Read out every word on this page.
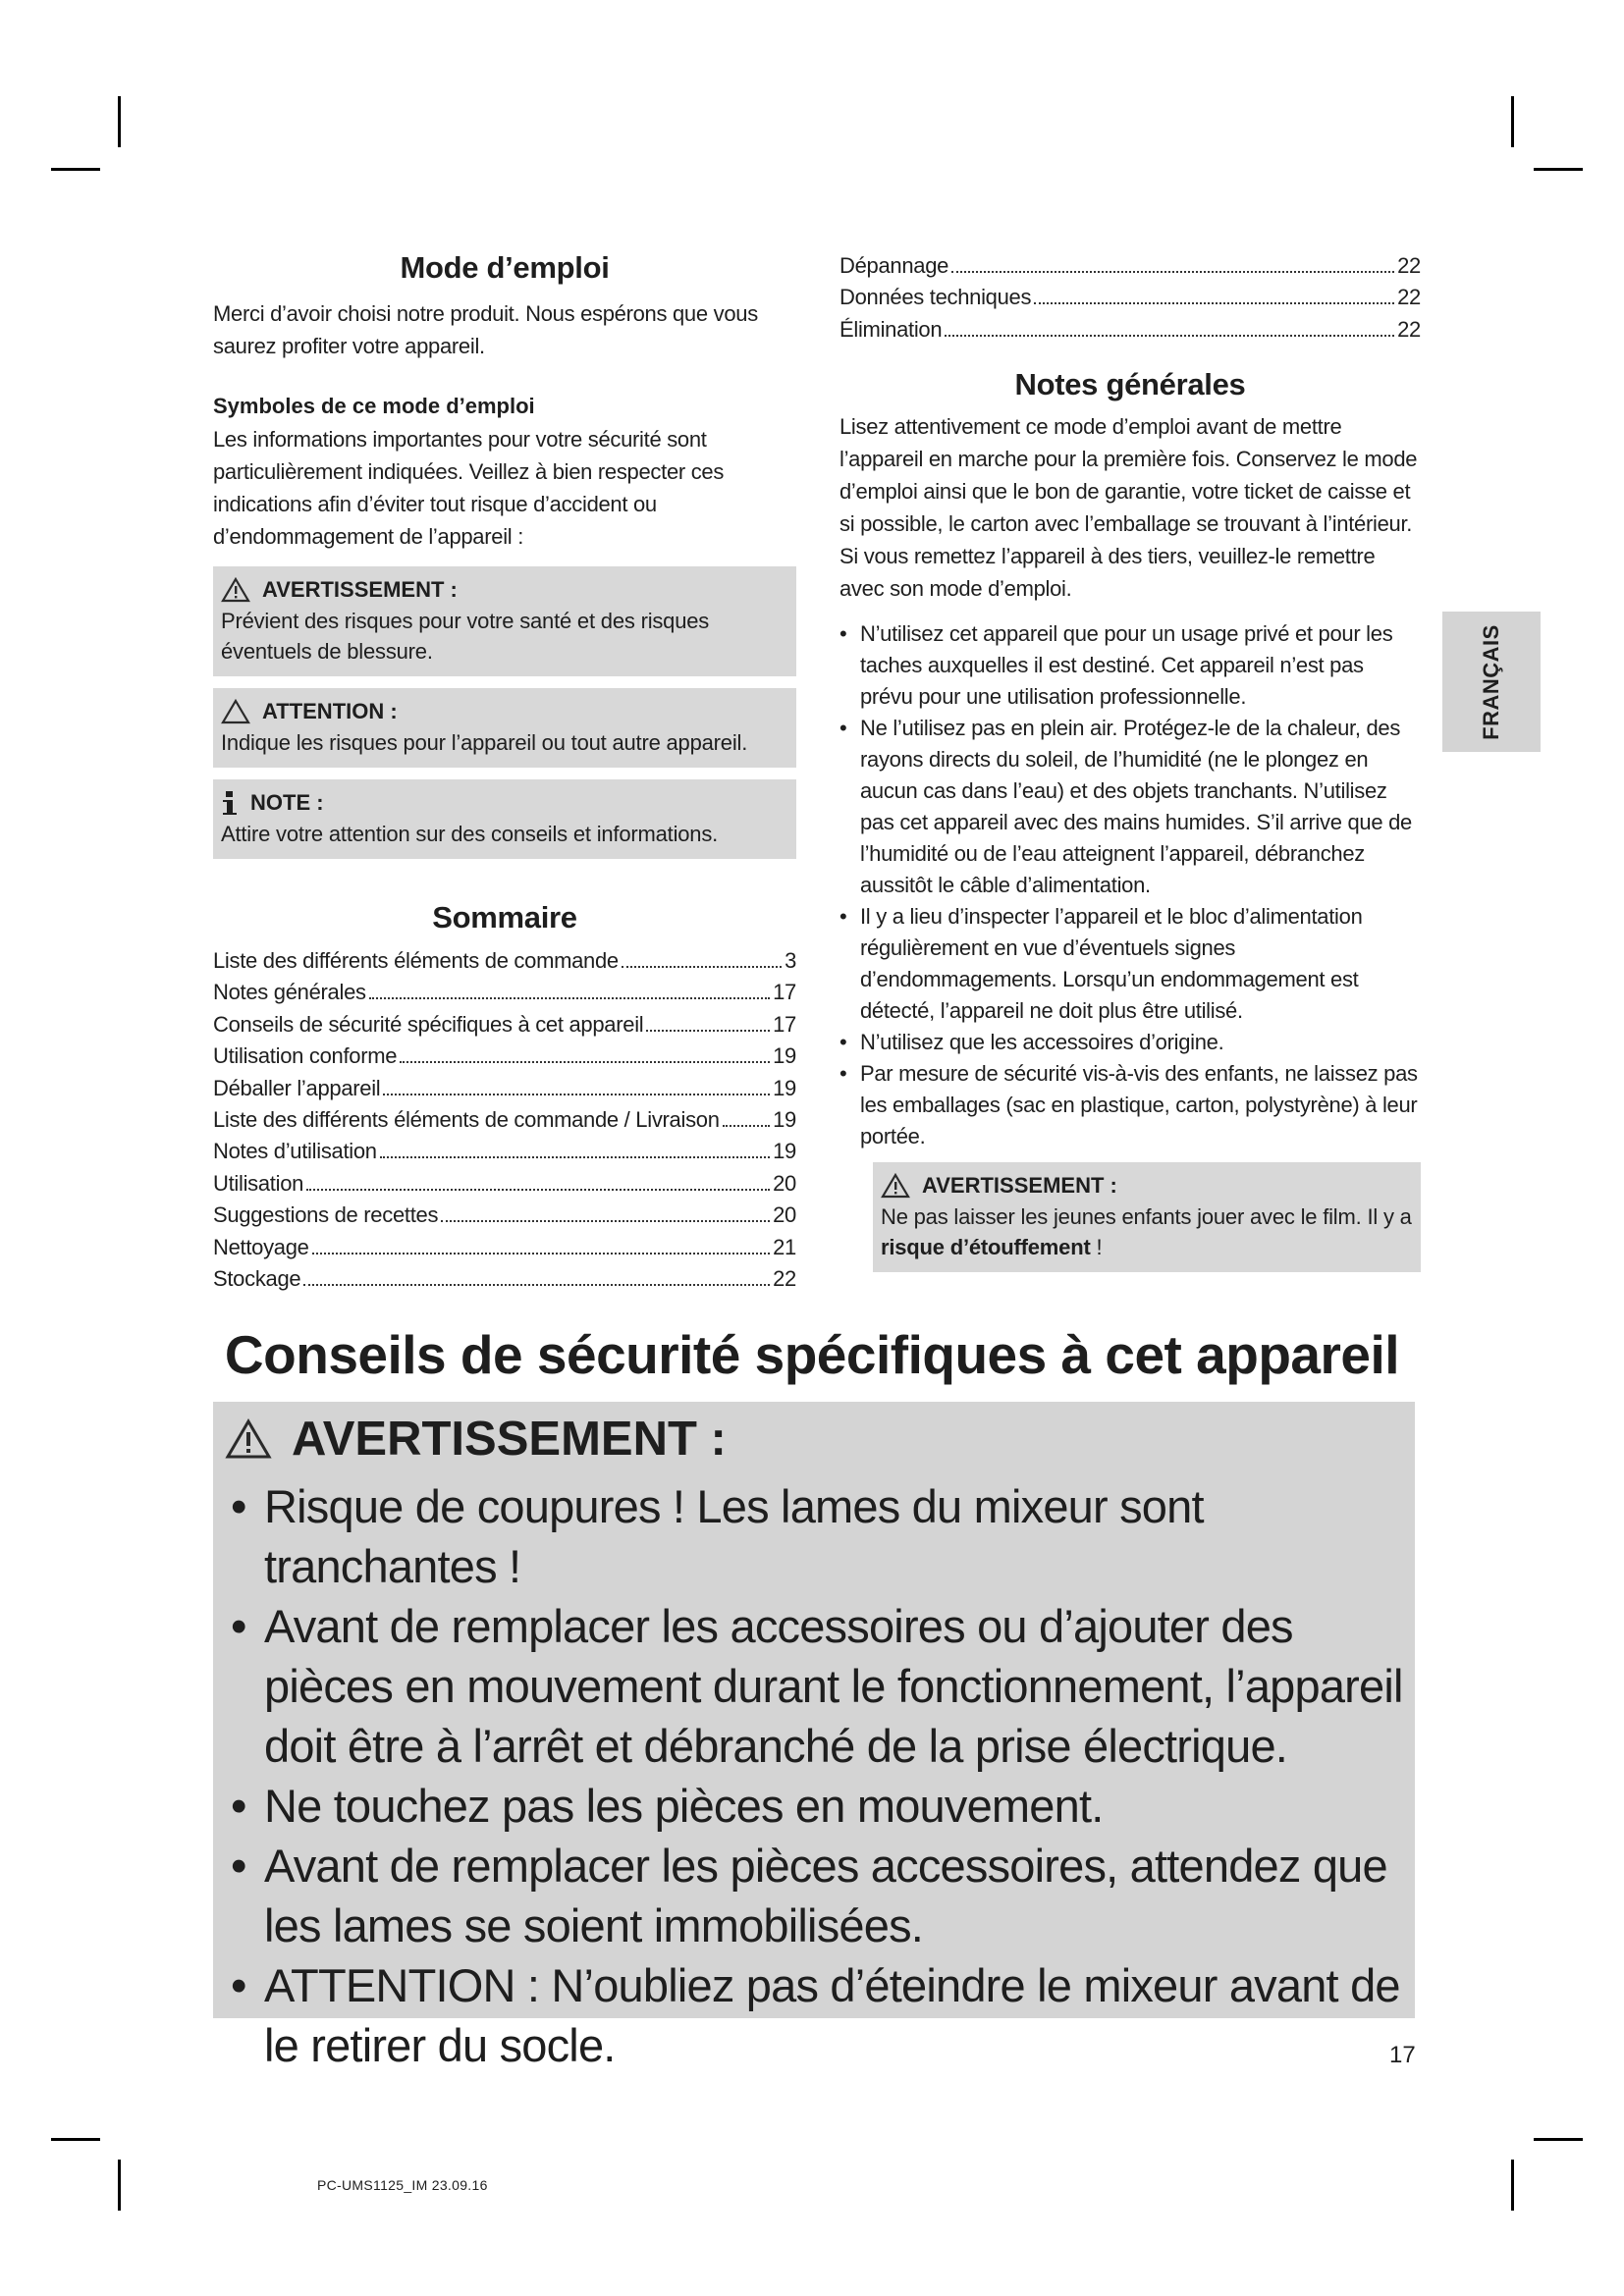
Mode d’emploi

Merci d’avoir choisi notre produit. Nous espérons que vous saurez profiter votre appareil.

Symboles de ce mode d’emploi

Les informations importantes pour votre sécurité sont particulièrement indiquées. Veillez à bien respecter ces indications afin d’éviter tout risque d’accident ou d’endommagement de l’appareil :

AVERTISSEMENT :
Prévient des risques pour votre santé et des risques éventuels de blessure.
ATTENTION :
Indique les risques pour l’appareil ou tout autre appareil.
NOTE :
Attire votre attention sur des conseils et informations.
Sommaire
Liste des différents éléments de commande	3
Notes générales	17
Conseils de sécurité spécifiques à cet appareil	17
Utilisation conforme	19
Déballer l’appareil	19
Liste des différents éléments de commande / Livraison 19
Notes d’utilisation	19
Utilisation	20
Suggestions de recettes	20
Nettoyage	21
Stockage	22
Dépannage	22
Données techniques	22
Élimination	22
Notes générales

Lisez attentivement ce mode d’emploi avant de mettre l’appareil en marche pour la première fois. Conservez le mode d’emploi ainsi que le bon de garantie, votre ticket de caisse et si possible, le carton avec l’emballage se trouvant à l’intérieur. Si vous remettez l’appareil à des tiers, veuillez-le remettre avec son mode d’emploi.

• N’utilisez cet appareil que pour un usage privé et pour les taches auxquelles il est destiné. Cet appareil n’est pas prévu pour une utilisation professionnelle.
• Ne l’utilisez pas en plein air. Protégez-le de la chaleur, des rayons directs du soleil, de l’humidité (ne le plongez en aucun cas dans l’eau) et des objets tranchants. N’utilisez pas cet appareil avec des mains humides. S’il arrive que de l’humidité ou de l’eau atteignent l’appareil, débranchez aussitôt le câble d’alimentation.
• Il y a lieu d’inspecter l’appareil et le bloc d’alimentation régulièrement en vue d’éventuels signes d’endommagements. Lorsqu’un endommagement est détecté, l’appareil ne doit plus être utilisé.
• N’utilisez que les accessoires d’origine.
• Par mesure de sécurité vis-à-vis des enfants, ne laissez pas les emballages (sac en plastique, carton, polystyrène) à leur portée.
AVERTISSEMENT :
Ne pas laisser les jeunes enfants jouer avec le film. Il y a risque d’étouffement !
FRANÇAIS
Conseils de sécurité spécifiques à cet appareil
AVERTISSEMENT :
• Risque de coupures ! Les lames du mixeur sont tranchantes !
• Avant de remplacer les accessoires ou d’ajouter des pièces en mouvement durant le fonctionnement, l’appareil doit être à l’arrêt et débranché de la prise électrique.
• Ne touchez pas les pièces en mouvement.
• Avant de remplacer les pièces accessoires, attendez que les lames se soient immobilisées.
• ATTENTION : N’oubliez pas d’éteindre le mixeur avant de le retirer du socle.	17
PC-UMS1125_IM 23.09.16
